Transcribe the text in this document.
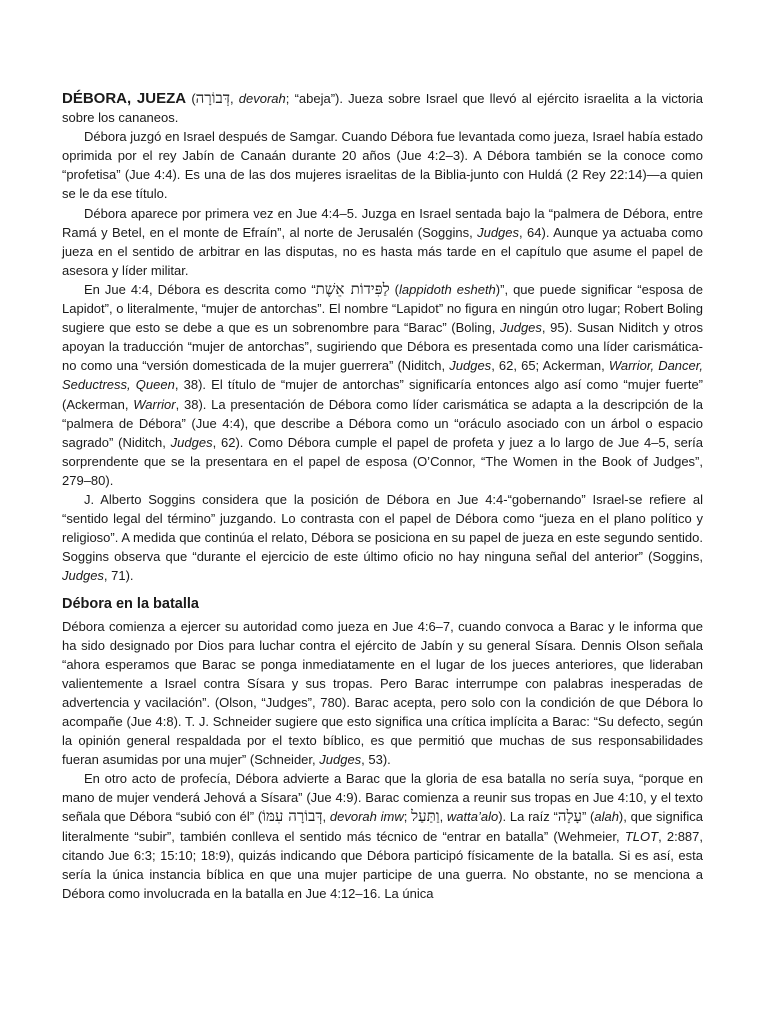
DÉBORA, JUEZA (דְּבוֹרָה, devorah; “abeja”). Jueza sobre Israel que llevó al ejército israelita a la victoria sobre los cananeos.

Débora juzgó en Israel después de Samgar. Cuando Débora fue levantada como jueza, Israel había estado oprimida por el rey Jabín de Canaán durante 20 años (Jue 4:2–3). A Débora también se la conoce como “profetisa” (Jue 4:4). Es una de las dos mujeres israelitas de la Biblia-junto con Huldá (2 Rey 22:14)—a quien se le da ese título.

Débora aparece por primera vez en Jue 4:4–5. Juzga en Israel sentada bajo la “palmera de Débora, entre Ramá y Betel, en el monte de Efraín”, al norte de Jerusalén (Soggins, Judges, 64). Aunque ya actuaba como jueza en el sentido de arbitrar en las disputas, no es hasta más tarde en el capítulo que asume el papel de asesora y líder militar.

En Jue 4:4, Débora es descrita como “לַפִּידוֹת אֵשֶׁת (lappidoth esheth)”, que puede significar “esposa de Lapidot”, o literalmente, “mujer de antorchas”. El nombre “Lapidot” no figura en ningún otro lugar; Robert Boling sugiere que esto se debe a que es un sobrenombre para “Barac” (Boling, Judges, 95). Susan Niditch y otros apoyan la traducción “mujer de antorchas”, sugiriendo que Débora es presentada como una líder carismática-no como una “versión domesticada de la mujer guerrera” (Niditch, Judges, 62, 65; Ackerman, Warrior, Dancer, Seductress, Queen, 38). El título de “mujer de antorchas” significaría entonces algo así como “mujer fuerte” (Ackerman, Warrior, 38). La presentación de Débora como líder carismática se adapta a la descripción de la “palmera de Débora” (Jue 4:4), que describe a Débora como un “oráculo asociado con un árbol o espacio sagrado” (Niditch, Judges, 62). Como Débora cumple el papel de profeta y juez a lo largo de Jue 4–5, sería sorprendente que se la presentara en el papel de esposa (O’Connor, “The Women in the Book of Judges”, 279–80).

J. Alberto Soggins considera que la posición de Débora en Jue 4:4-“gobernando” Israel-se refiere al “sentido legal del término” juzgando. Lo contrasta con el papel de Débora como “jueza en el plano político y religioso”. A medida que continúa el relato, Débora se posiciona en su papel de jueza en este segundo sentido. Soggins observa que “durante el ejercicio de este último oficio no hay ninguna señal del anterior” (Soggins, Judges, 71).

Débora en la batalla

Débora comienza a ejercer su autoridad como jueza en Jue 4:6–7, cuando convoca a Barac y le informa que ha sido designado por Dios para luchar contra el ejército de Jabín y su general Sísara. Dennis Olson señala “ahora esperamos que Barac se ponga inmediatamente en el lugar de los jueces anteriores, que lideraban valientemente a Israel contra Sísara y sus tropas. Pero Barac interrumpe con palabras inesperadas de advertencia y vacilación”. (Olson, “Judges”, 780). Barac acepta, pero solo con la condición de que Débora lo acompañe (Jue 4:8). T. J. Schneider sugiere que esto significa una crítica implícita a Barac: “Su defecto, según la opinión general respaldada por el texto bíblico, es que permitió que muchas de sus responsabilidades fueran asumidas por una mujer” (Schneider, Judges, 53).

En otro acto de profecía, Débora advierte a Barac que la gloria de esa batalla no sería suya, “porque en mano de mujer venderá Jehová a Sísara” (Jue 4:9). Barac comienza a reunir sus tropas en Jue 4:10, y el texto señala que Débora “subió con él” (דְּבוֹרָה עִמּוֹ, devorah imw; וַתַּעַל, watta’alo). La raíz “עָלָה” (alah), que significa literalmente “subir”, también conlleva el sentido más técnico de “entrar en batalla” (Wehmeier, TLOT, 2:887, citando Jue 6:3; 15:10; 18:9), quizás indicando que Débora participó físicamente de la batalla. Si es así, esta sería la única instancia bíblica en que una mujer participe de una guerra. No obstante, no se menciona a Débora como involucrada en la batalla en Jue 4:12–16. La única
